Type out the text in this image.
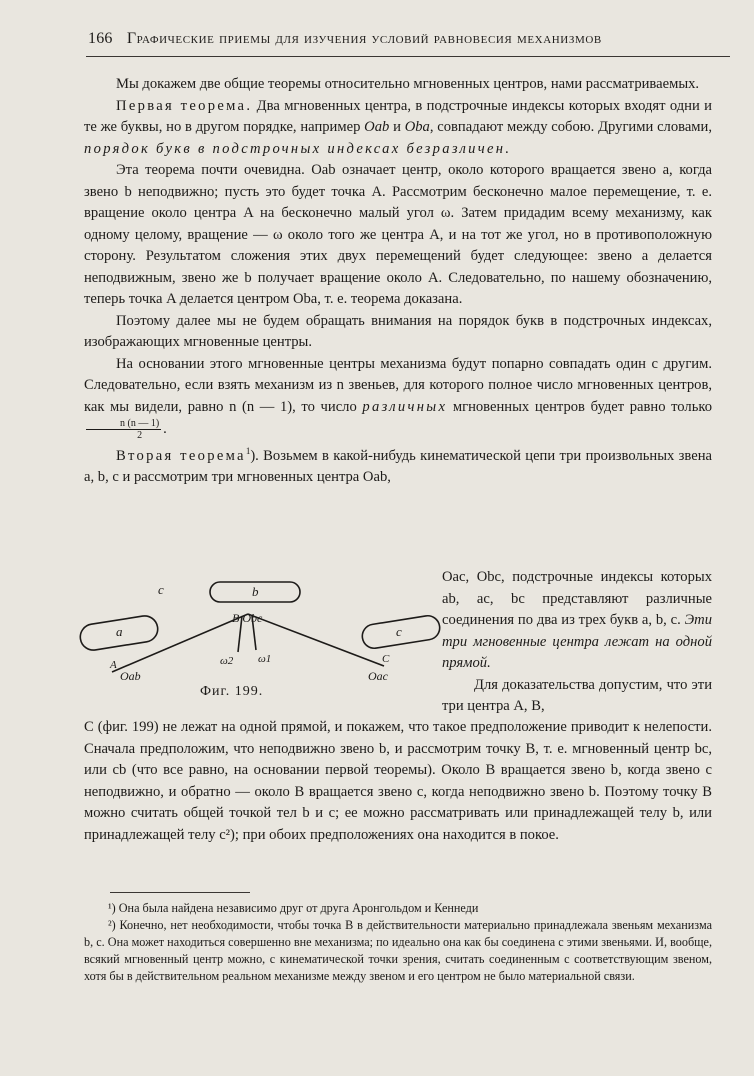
166 Графические приемы для изучения условий равновесия механизмов

Мы докажем две общие теоремы относительно мгновенных центров, нами рассматриваемых.

Первая теорема. Два мгновенных центра, в подстрочные индексы которых входят одни и те же буквы, но в другом порядке, например Oab и Oba, совпадают между собою. Другими словами, порядок букв в подстрочных индексах безразличен.

Эта теорема почти очевидна. Oab означает центр, около которого вращается звено a, когда звено b неподвижно; пусть это будет точка A. Рассмотрим бесконечно малое перемещение, т. е. вращение около центра A на бесконечно малый угол ω. Затем придадим всему механизму, как одному целому, вращение — ω около того же центра A, и на тот же угол, но в противоположную сторону. Результатом сложения этих двух перемещений будет следующее: звено a делается неподвижным, звено же b получает вращение около A. Следовательно, по нашему обозначению, теперь точка A делается центром Oba, т. е. теорема доказана.

Поэтому далее мы не будем обращать внимания на порядок букв в подстрочных индексах, изображающих мгновенные центры.

На основании этого мгновенные центры механизма будут попарно совпадать один с другим. Следовательно, если взять механизм из n звеньев, для которого полное число мгновенных центров, как мы видели, равно n (n — 1), то число различных мгновенных центров будет равно только
$\frac{n (n — 1)}{2}$ .

Вторая теорема$^1$). Возьмем в какой-нибудь кинематической цепи три произвольных звена a, b, c и рассмотрим три мгновенных центра Oab,

c	b
a	c
B Obc
A
Oab
ω2 ω1	C
Oac
Фиг. 199.

Oac, Obc, подстрочные индексы которых ab, ac, bc представляют различные соединения по два из трех букв a, b, c. Эти три мгновенные центра лежат на одной прямой.

Для доказательства допустим, что эти три центра A, B,

C (фиг. 199) не лежат на одной прямой, и покажем, что такое предположение приводит к нелепости. Сначала предположим, что неподвижно звено b, и рассмотрим точку B, т. е. мгновенный центр bc, или cb (что все равно, на основании первой теоремы). Около B вращается звено b, когда звено c неподвижно, и обратно — около B вращается звено c, когда неподвижно звено b. Поэтому точку B можно считать общей точкой тел b и c; ее можно рассматривать или принадлежащей телу b, или принадлежащей телу c²); при обоих предположениях она находится в покое.

¹) Она была найдена независимо друг от друга Аронгольдом и Кеннеди

²) Конечно, нет необходимости, чтобы точка B в действительности материально принадлежала звеньям механизма b, c. Она может находиться совершенно вне механизма; по идеально она как бы соединена с этими звеньями. И, вообще, всякий мгновенный центр можно, с кинематической точки зрения, считать соединенным с соответствующим звеном, хотя бы в действительном реальном механизме между звеном и его центром не было материальной связи.
